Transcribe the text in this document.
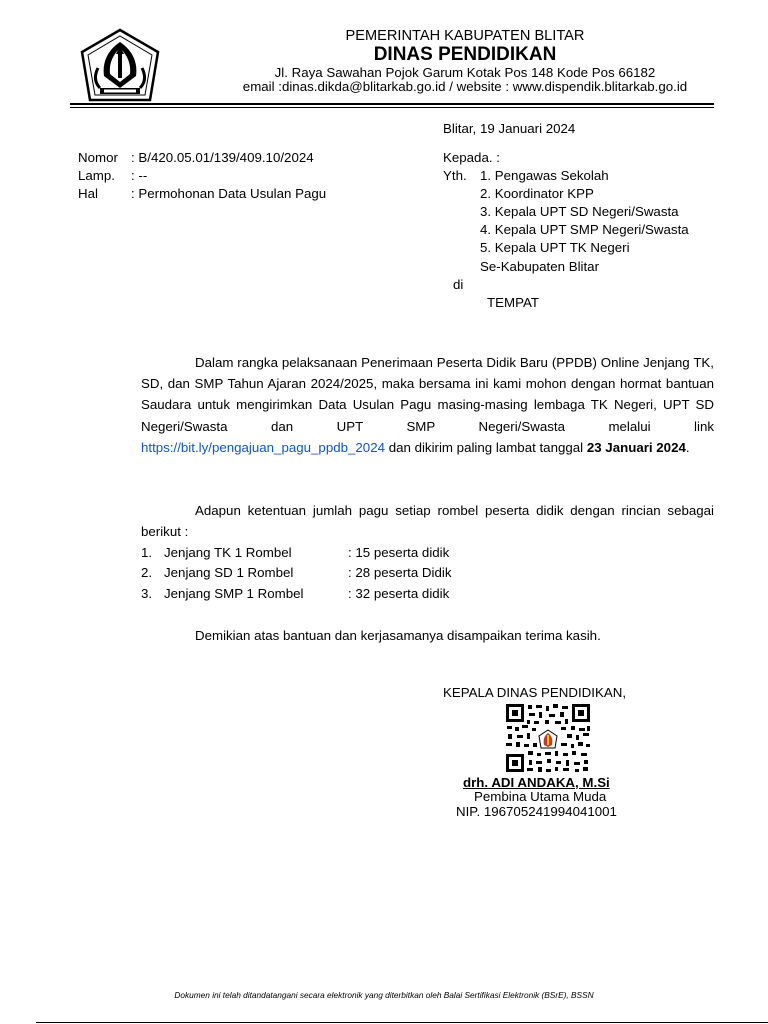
PEMERINTAH KABUPATEN BLITAR
DINAS PENDIDIKAN
Jl. Raya Sawahan Pojok Garum Kotak Pos 148 Kode Pos 66182
email :dinas.dikda@blitarkab.go.id / website : www.dispendik.blitarkab.go.id
Blitar, 19 Januari 2024
Nomor : B/420.05.01/139/409.10/2024
Lamp. : --
Hal : Permohonan Data Usulan Pagu
Kepada. :
Yth. 1. Pengawas Sekolah
2. Koordinator KPP
3. Kepala UPT SD Negeri/Swasta
4. Kepala UPT SMP Negeri/Swasta
5. Kepala UPT TK Negeri
Se-Kabupaten Blitar
di
TEMPAT

Dalam rangka pelaksanaan Penerimaan Peserta Didik Baru (PPDB) Online Jenjang TK, SD, dan SMP Tahun Ajaran 2024/2025, maka bersama ini kami mohon dengan hormat bantuan Saudara untuk mengirimkan Data Usulan Pagu masing-masing lembaga TK Negeri, UPT SD Negeri/Swasta dan UPT SMP Negeri/Swasta melalui link https://bit.ly/pengajuan_pagu_ppdb_2024 dan dikirim paling lambat tanggal 23 Januari 2024.

Adapun ketentuan jumlah pagu setiap rombel peserta didik dengan rincian sebagai berikut :

1. Jenjang TK 1 Rombel	: 15 peserta didik
2. Jenjang SD 1 Rombel	: 28 peserta Didik
3. Jenjang SMP 1 Rombel	: 32 peserta didik
Demikian atas bantuan dan kerjasamanya disampaikan terima kasih.
KEPALA DINAS PENDIDIKAN,
drh. ADI ANDAKA, M.Si
Pembina Utama Muda
NIP. 196705241994041001
Dokumen ini telah ditandatangani secara elektronik yang diterbitkan oleh Balai Sertifikasi Elektronik (BSrE), BSSN
